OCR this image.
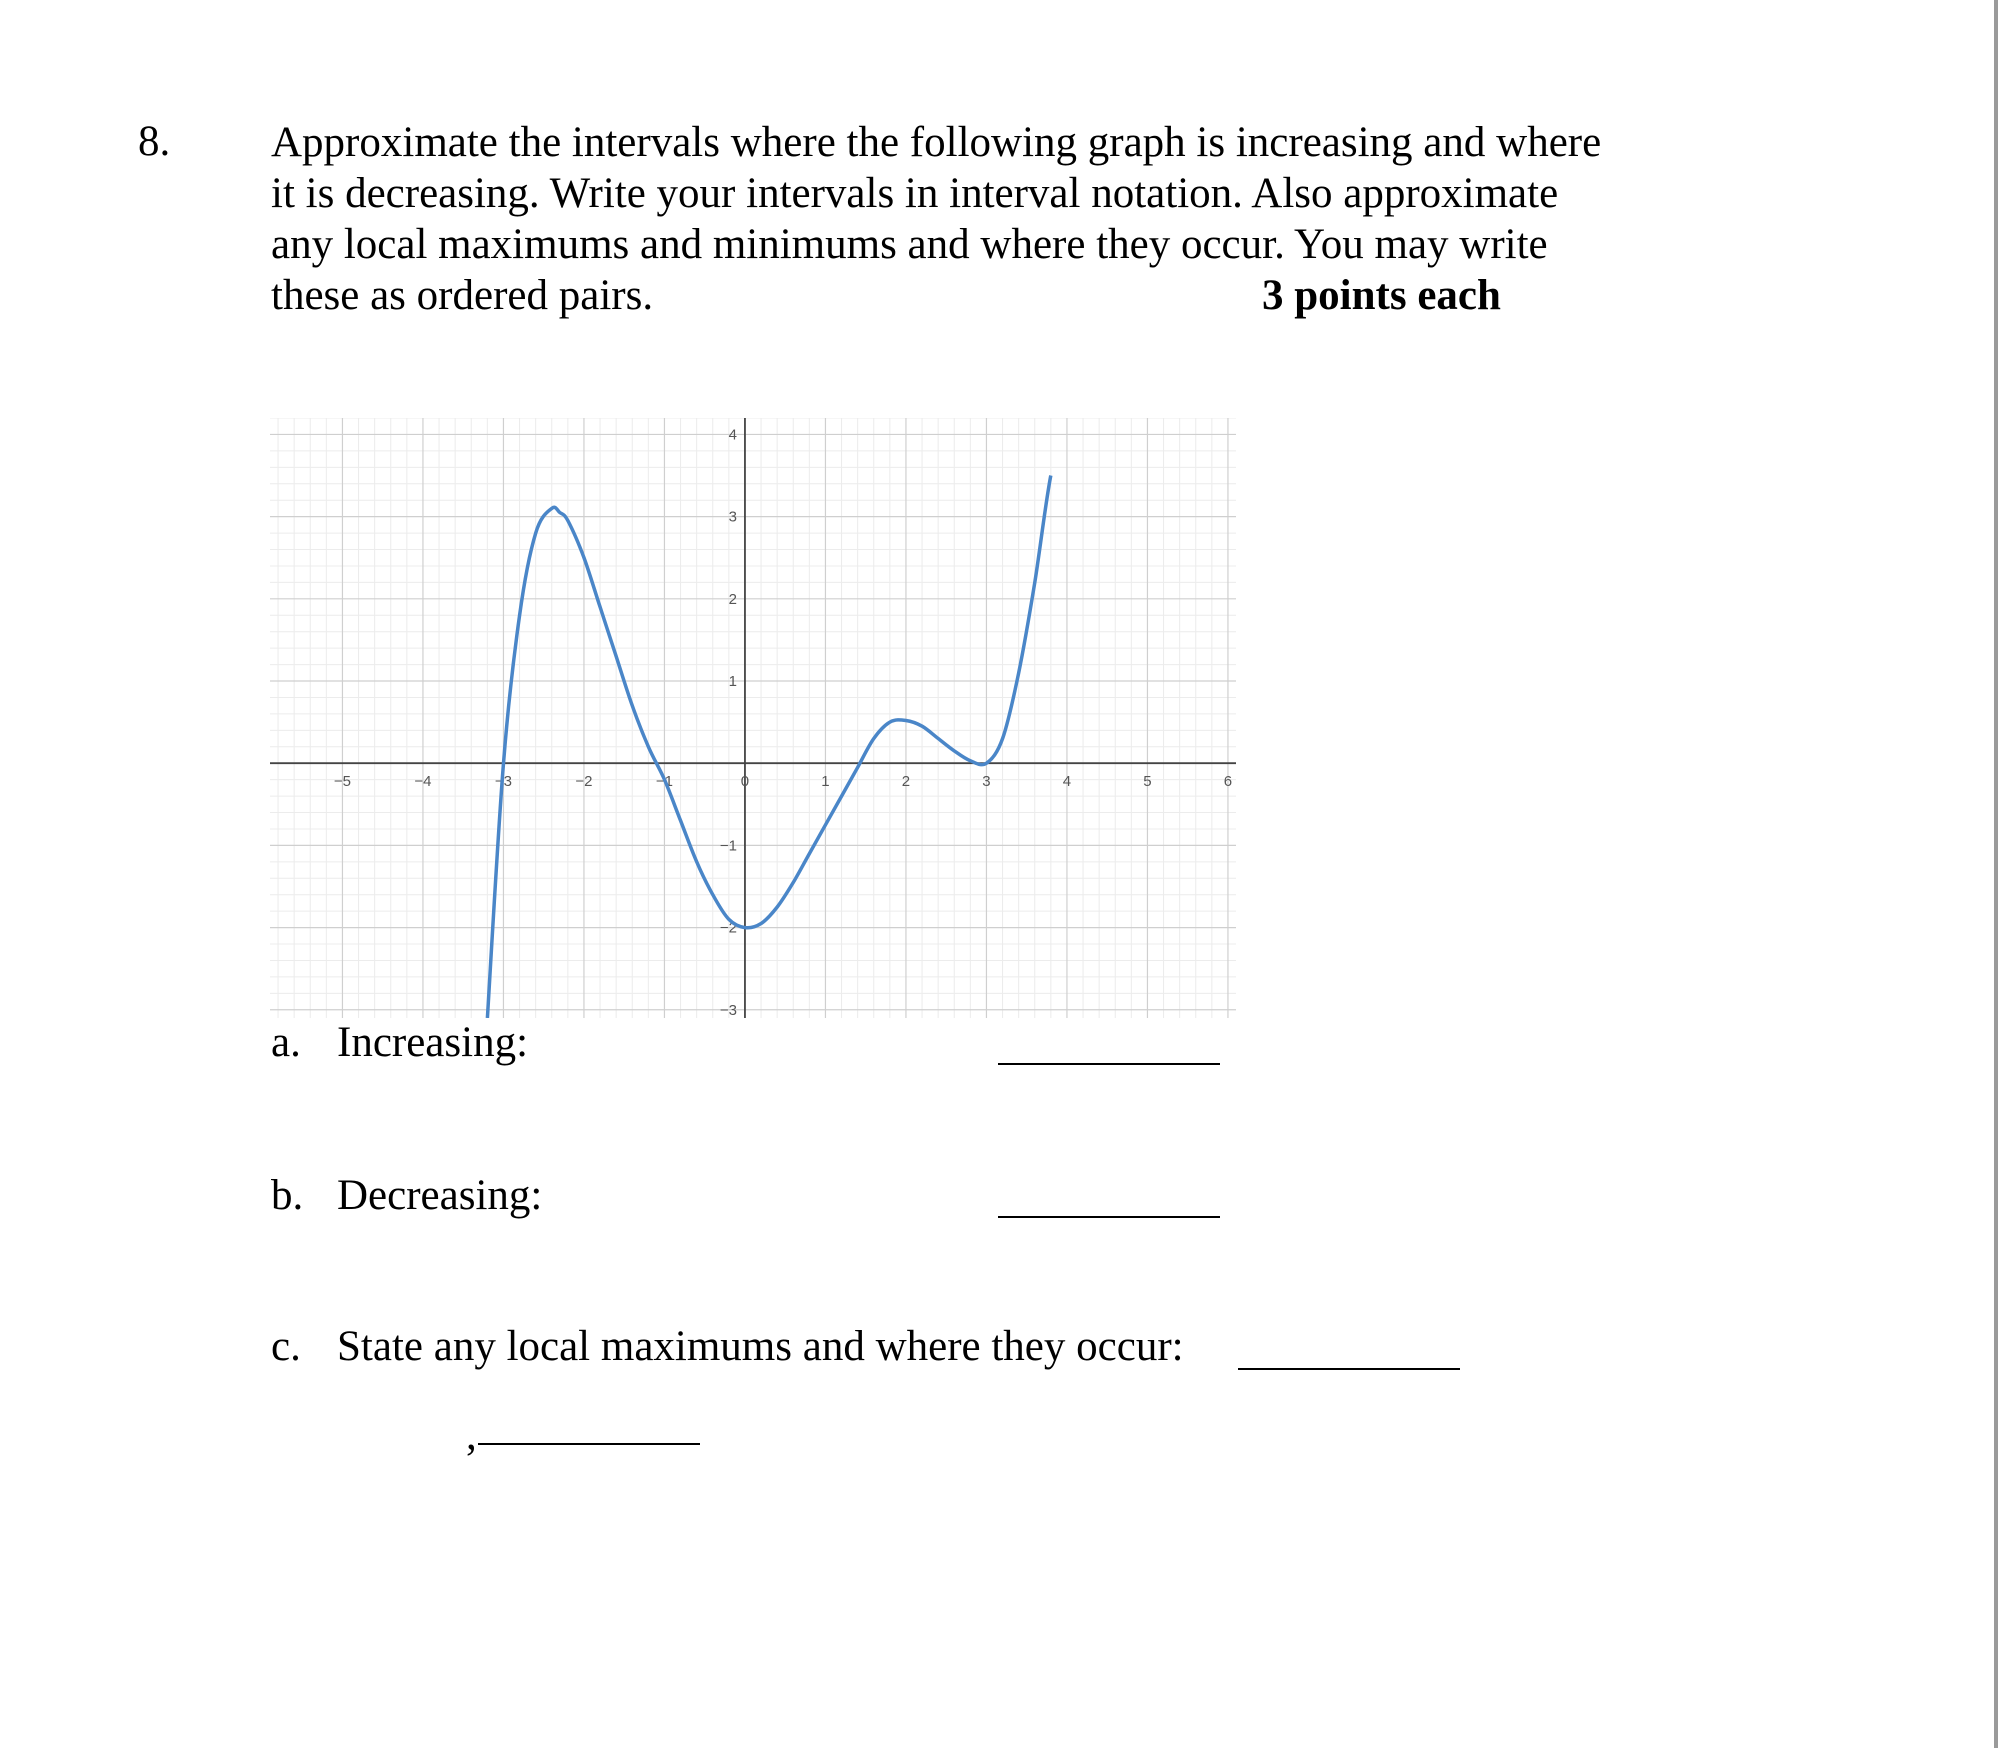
8. Approximate the intervals where the following graph is increasing and where
it is decreasing. Write your intervals in interval notation. Also approximate
any local maximums and minimums and where they occur. You may write
these as ordered pairs.	3 points each
−5	−4	−3	−2	−1	0	1	2	3	4	5	6
−3
−2
−1
1
2
3
4
a. Increasing:
b. Decreasing:
c. State any local maximums and where they occur:
,
